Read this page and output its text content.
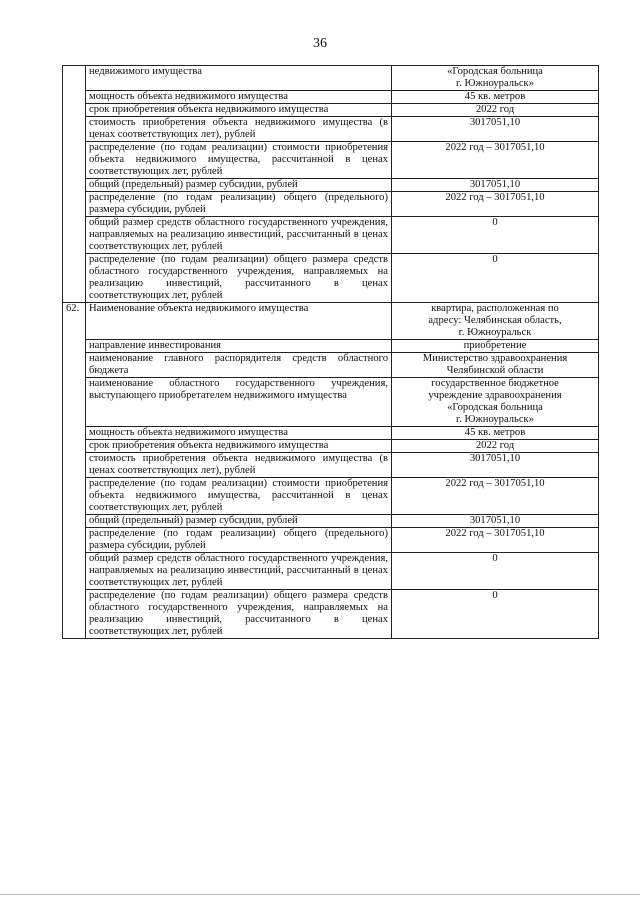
36
	недвижимого имущества	«Городская больница
г. Южноуральск»
	мощность объекта недвижимого имущества	45 кв. метров
	срок приобретения объекта недвижимого имущества	2022 год
	стоимость приобретения объекта недвижимого имущества (в ценах соответствующих лет), рублей	3017051,10
	распределение (по годам реализации) стоимости приобретения объекта недвижимого имущества, рассчитанной в ценах соответствующих лет, рублей	2022 год – 3017051,10
	общий (предельный) размер субсидии, рублей	3017051,10
	распределение (по годам реализации) общего (предельного) размера субсидии, рублей	2022 год – 3017051,10
	общий размер средств областного государственного учреждения, направляемых на реализацию инвестиций, рассчитанный в ценах соответствующих лет, рублей	0
	распределение (по годам реализации) общего размера средств областного государственного учреждения, направляемых на реализацию инвестиций, рассчитанного в ценах соответствующих лет, рублей	0
62.	Наименование объекта недвижимого имущества	квартира, расположенная по
адресу: Челябинская область,
г. Южноуральск
	направление инвестирования	приобретение
	наименование главного распорядителя средств областного бюджета	Министерство здравоохранения
Челябинской области
	наименование областного государственного учреждения, выступающего приобретателем недвижимого имущества	государственное бюджетное
учреждение здравоохранения
«Городская больница
г. Южноуральск»
	мощность объекта недвижимого имущества	45 кв. метров
	срок приобретения объекта недвижимого имущества	2022 год
	стоимость приобретения объекта недвижимого имущества (в ценах соответствующих лет), рублей	3017051,10
	распределение (по годам реализации) стоимости приобретения объекта недвижимого имущества, рассчитанной в ценах соответствующих лет, рублей	2022 год – 3017051,10
	общий (предельный) размер субсидии, рублей	3017051,10
	распределение (по годам реализации) общего (предельного) размера субсидии, рублей	2022 год – 3017051,10
	общий размер средств областного государственного учреждения, направляемых на реализацию инвестиций, рассчитанный в ценах соответствующих лет, рублей	0
	распределение (по годам реализации) общего размера средств областного государственного учреждения, направляемых на реализацию инвестиций, рассчитанного в ценах соответствующих лет, рублей	0
